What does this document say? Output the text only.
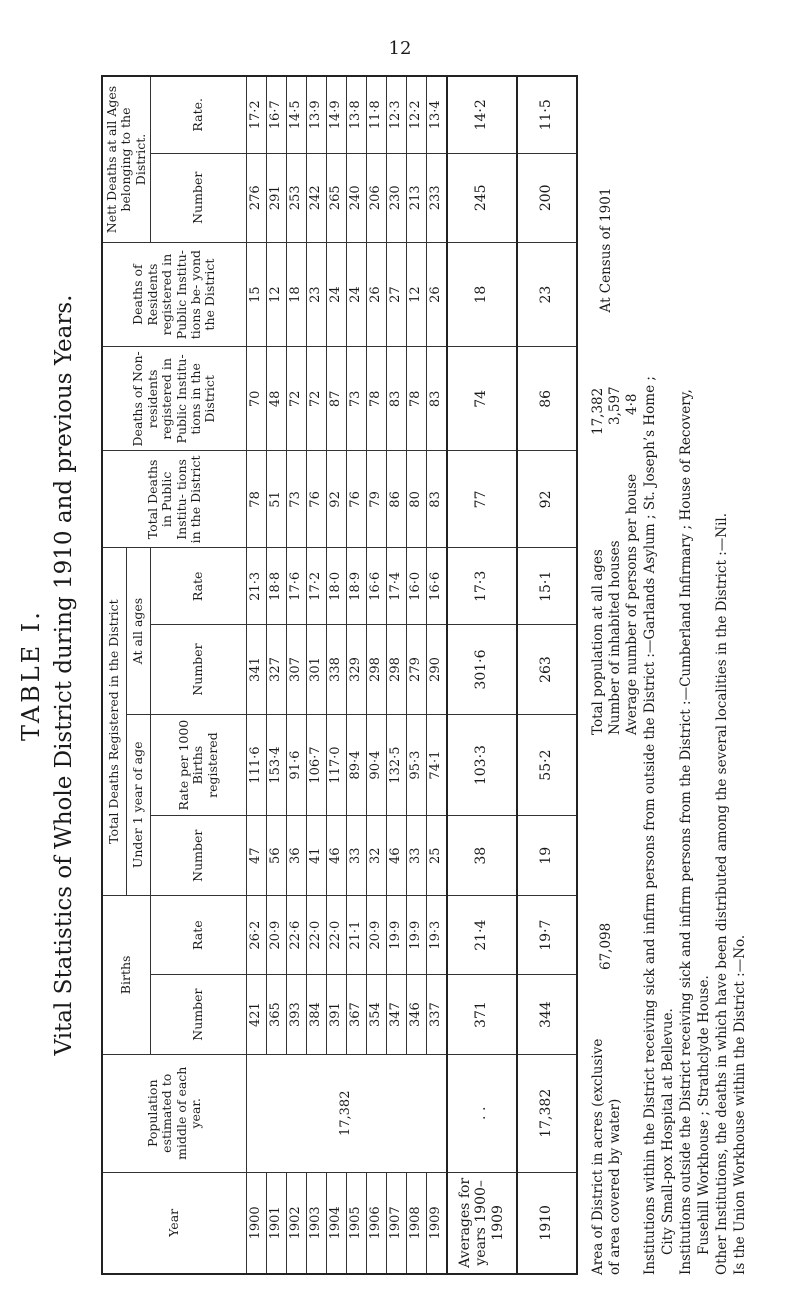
12
TABLE I. Vital Statistics of Whole District during 1910 and previous Years.
Year	Population estimated to middle of each year.	Births		Total Deaths Registered in the District				Total Deaths in Public Institu- tions in the District	Deaths of Non- residents registered in Public Institu- tions in the District	Deaths of Residents registered in Public Institu- tions be- yond the District	Nett Deaths at all Ages belonging to the District.	
				Under 1 year of age		At all ages						
		Number	Rate	Number	Rate per 1000 Births registered	Number	Rate				Number	Rate.
1900	17,382	421	26·2	47	111·6	341	21·3	78	70	15	276	17·2
1901		365	20·9	56	153·4	327	18·8	51	48	12	291	16·7
1902		393	22·6	36	91·6	307	17·6	73	72	18	253	14·5
1903		384	22·0	41	106·7	301	17·2	76	72	23	242	13·9
1904		391	22·0	46	117·0	338	18·0	92	87	24	265	14·9
1905		367	21·1	33	89·4	329	18·9	76	73	24	240	13·8
1906		354	20·9	32	90·4	298	16·6	79	78	26	206	11·8
1907		347	19·9	46	132·5	298	17·4	86	83	27	230	12·3
1908		346	19·9	33	95·3	279	16·0	80	78	12	213	12·2
1909		337	19·3	25	74·1	290	16·6	83	83	26	233	13·4
Averages for years 1900–1909	. .	371	21·4	38	103·3	301·6	17·3	77	74	18	245	14·2
1910	17,382	344	19·7	19	55·2	263	15·1	92	86	23	200	11·5
Area of District in acres (exclusive of area covered by water)
67,098
Total population at all ages
17,382
Number of inhabited houses
3,597
Average number of persons per house
4·8
At Census of 1901
Institutions within the District receiving sick and infirm persons from outside the District :—Garlands Asylum ; St. Joseph’s Home ; City Small-pox Hospital at Bellevue. Institutions outside the District receiving sick and infirm persons from the District :—Cumberland Infirmary ; House of Recovery, Fusehill Workhouse ; Strathclyde House. Other Institutions, the deaths in which have been distributed among the several localities in the District :—Nil. Is the Union Workhouse within the District :—No.
